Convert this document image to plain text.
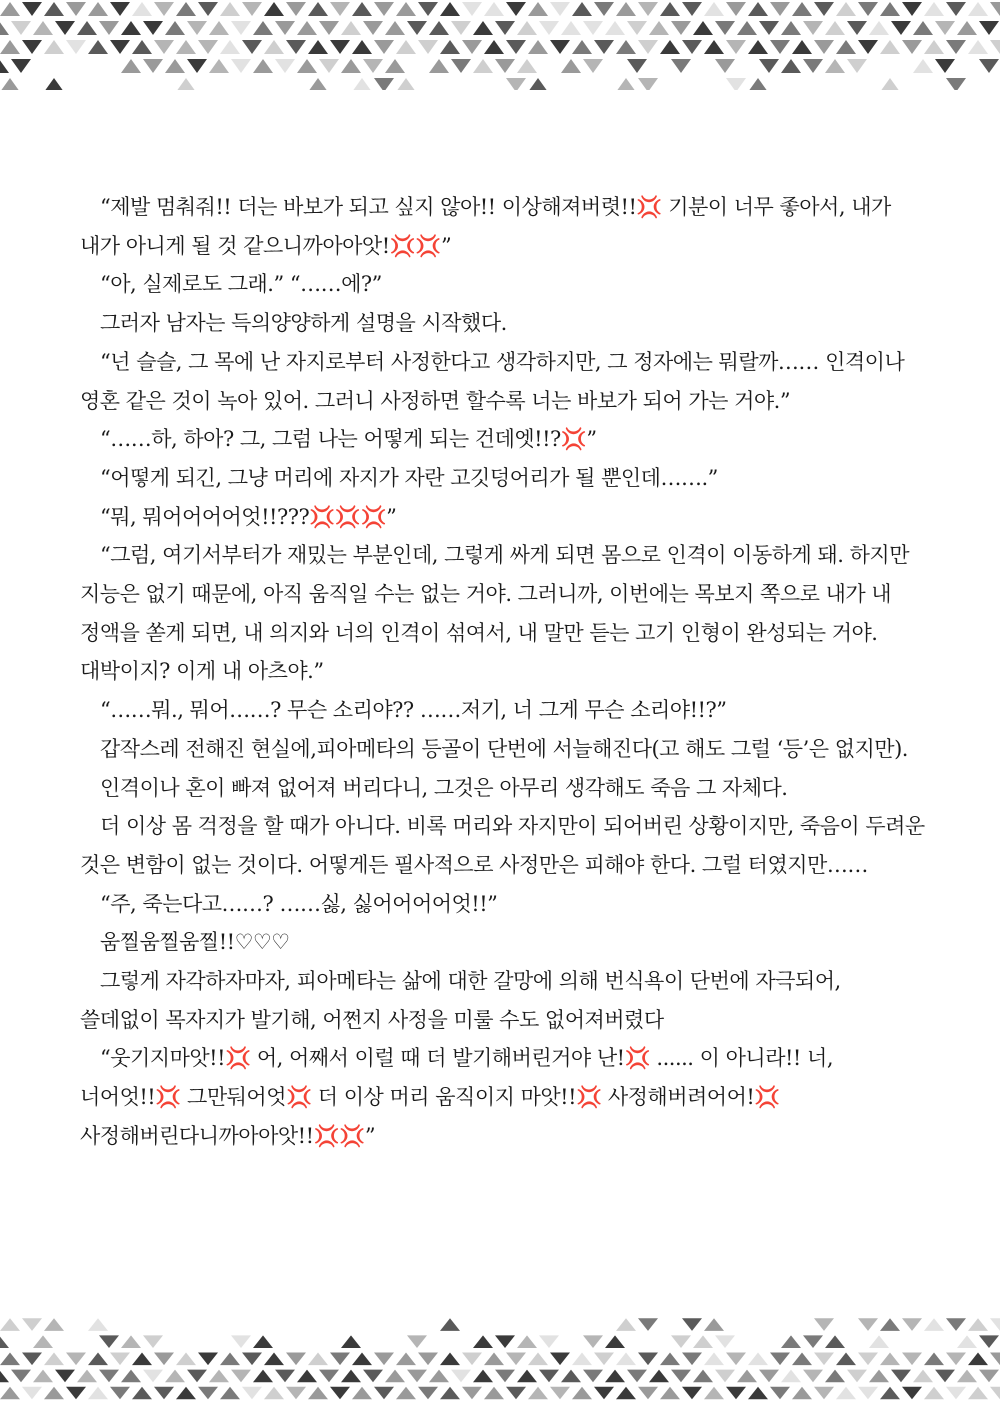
“제발 멈춰줘!! 더는 바보가 되고 싶지 않아!! 이상해져버렷!!💢 기분이 너무 좋아서, 내가
내가 아니게 될 것 같으니까아아앗!💢💢”

“아, 실제로도 그래.” “……에?”

그러자 남자는 득의양양하게 설명을 시작했다.

“넌 슬슬, 그 목에 난 자지로부터 사정한다고 생각하지만, 그 정자에는 뭐랄까…… 인격이나
영혼 같은 것이 녹아 있어. 그러니 사정하면 할수록 너는 바보가 되어 가는 거야.”

“……하, 하아? 그, 그럼 나는 어떻게 되는 건데엣!!?💢”

“어떻게 되긴, 그냥 머리에 자지가 자란 고깃덩어리가 될 뿐인데…….”

“뭐, 뭐어어어어엇!!???💢💢💢”

“그럼, 여기서부터가 재밌는 부분인데, 그렇게 싸게 되면 몸으로 인격이 이동하게 돼. 하지만
지능은 없기 때문에, 아직 움직일 수는 없는 거야. 그러니까, 이번에는 목보지 쪽으로 내가 내
정액을 쏟게 되면, 내 의지와 너의 인격이 섞여서, 내 말만 듣는 고기 인형이 완성되는 거야.
대박이지? 이게 내 아츠야.”

“……뭐., 뭐어……? 무슨 소리야?? ……저기, 너 그게 무슨 소리야!!?”

갑작스레 전해진 현실에,피아메타의 등골이 단번에 서늘해진다(고 해도 그럴 ‘등’은 없지만).

인격이나 혼이 빠져 없어져 버리다니, 그것은 아무리 생각해도 죽음 그 자체다.

더 이상 몸 걱정을 할 때가 아니다. 비록 머리와 자지만이 되어버린 상황이지만, 죽음이 두려운
것은 변함이 없는 것이다. 어떻게든 필사적으로 사정만은 피해야 한다. 그럴 터였지만……

“주, 죽는다고……? ……싫, 싫어어어어엇!!”

움찔움찔움찔!!♡♡♡

그렇게 자각하자마자, 피아메타는 삶에 대한 갈망에 의해 번식욕이 단번에 자극되어,
쓸데없이 목자지가 발기해, 어쩐지 사정을 미룰 수도 없어져버렸다

“웃기지마앗!!💢 어, 어째서 이럴 때 더 발기해버린거야 난!💢 ...... 이 아니라!! 너,
너어엇!!💢 그만둬어엇💢 더 이상 머리 움직이지 마앗!!💢 사정해버려어어!💢
사정해버린다니까아아앗!!💢💢”
